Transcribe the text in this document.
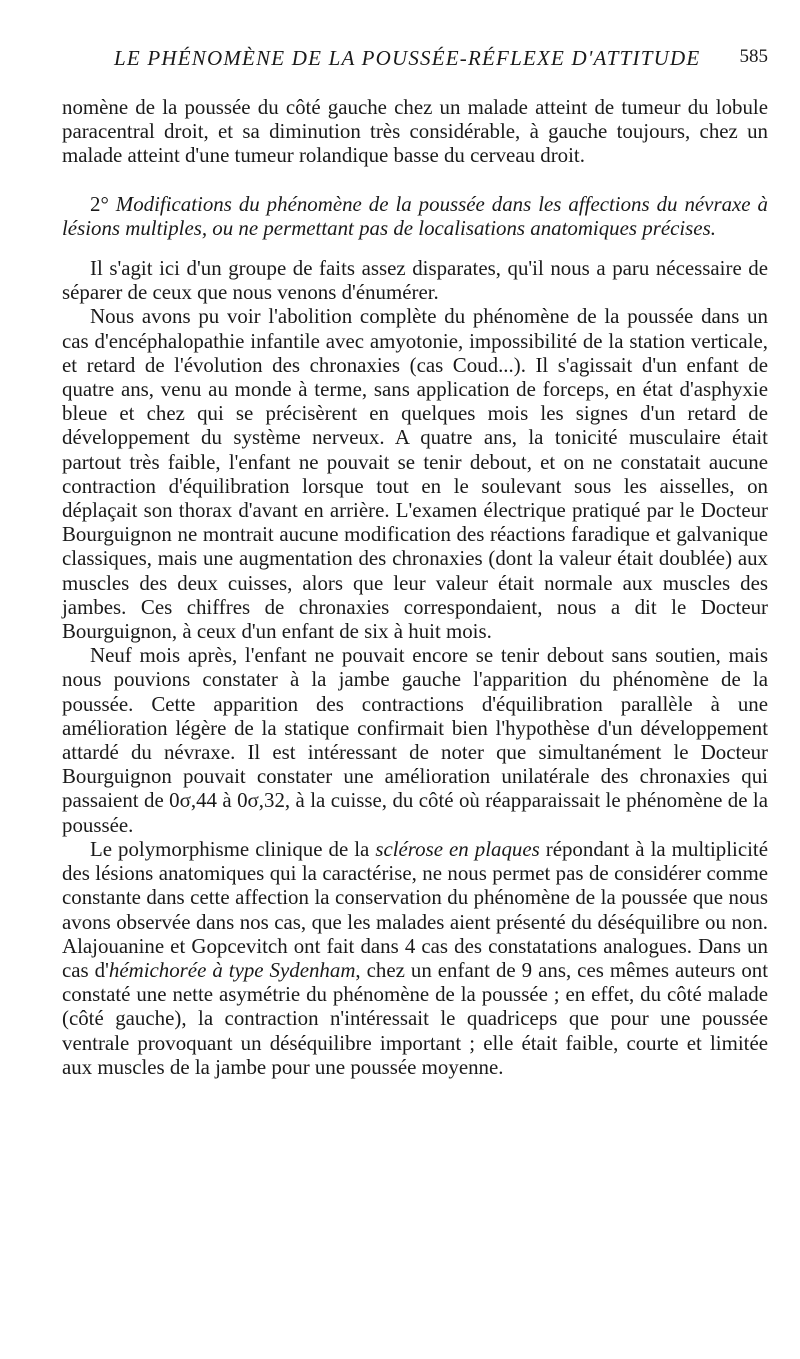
LE PHÉNOMÈNE DE LA POUSSÉE-RÉFLEXE D'ATTITUDE 585

nomène de la poussée du côté gauche chez un malade atteint de tumeur du lobule paracentral droit, et sa diminution très considérable, à gauche toujours, chez un malade atteint d'une tumeur rolandique basse du cerveau droit.

2° Modifications du phénomène de la poussée dans les affections du névraxe à lésions multiples, ou ne permettant pas de localisations anatomiques précises.

Il s'agit ici d'un groupe de faits assez disparates, qu'il nous a paru nécessaire de séparer de ceux que nous venons d'énumérer.

Nous avons pu voir l'abolition complète du phénomène de la poussée dans un cas d'encéphalopathie infantile avec amyotonie, impossibilité de la station verticale, et retard de l'évolution des chronaxies (cas Coud...). Il s'agissait d'un enfant de quatre ans, venu au monde à terme, sans application de forceps, en état d'asphyxie bleue et chez qui se précisèrent en quelques mois les signes d'un retard de développement du système nerveux. A quatre ans, la tonicité musculaire était partout très faible, l'enfant ne pouvait se tenir debout, et on ne constatait aucune contraction d'équilibration lorsque tout en le soulevant sous les aisselles, on déplaçait son thorax d'avant en arrière. L'examen électrique pratiqué par le Docteur Bourguignon ne montrait aucune modification des réactions faradique et galvanique classiques, mais une augmentation des chronaxies (dont la valeur était doublée) aux muscles des deux cuisses, alors que leur valeur était normale aux muscles des jambes. Ces chiffres de chronaxies correspondaient, nous a dit le Docteur Bourguignon, à ceux d'un enfant de six à huit mois.

Neuf mois après, l'enfant ne pouvait encore se tenir debout sans soutien, mais nous pouvions constater à la jambe gauche l'apparition du phénomène de la poussée. Cette apparition des contractions d'équilibration parallèle à une amélioration légère de la statique confirmait bien l'hypothèse d'un développement attardé du névraxe. Il est intéressant de noter que simultanément le Docteur Bourguignon pouvait constater une amélioration unilatérale des chronaxies qui passaient de 0σ,44 à 0σ,32, à la cuisse, du côté où réapparaissait le phénomène de la poussée.

Le polymorphisme clinique de la sclérose en plaques répondant à la multiplicité des lésions anatomiques qui la caractérise, ne nous permet pas de considérer comme constante dans cette affection la conservation du phénomène de la poussée que nous avons observée dans nos cas, que les malades aient présenté du déséquilibre ou non. Alajouanine et Gopcevitch ont fait dans 4 cas des constatations analogues. Dans un cas d'hémichorée à type Sydenham, chez un enfant de 9 ans, ces mêmes auteurs ont constaté une nette asymétrie du phénomène de la poussée ; en effet, du côté malade (côté gauche), la contraction n'intéressait le quadriceps que pour une poussée ventrale provoquant un déséquilibre important ; elle était faible, courte et limitée aux muscles de la jambe pour une poussée moyenne.
